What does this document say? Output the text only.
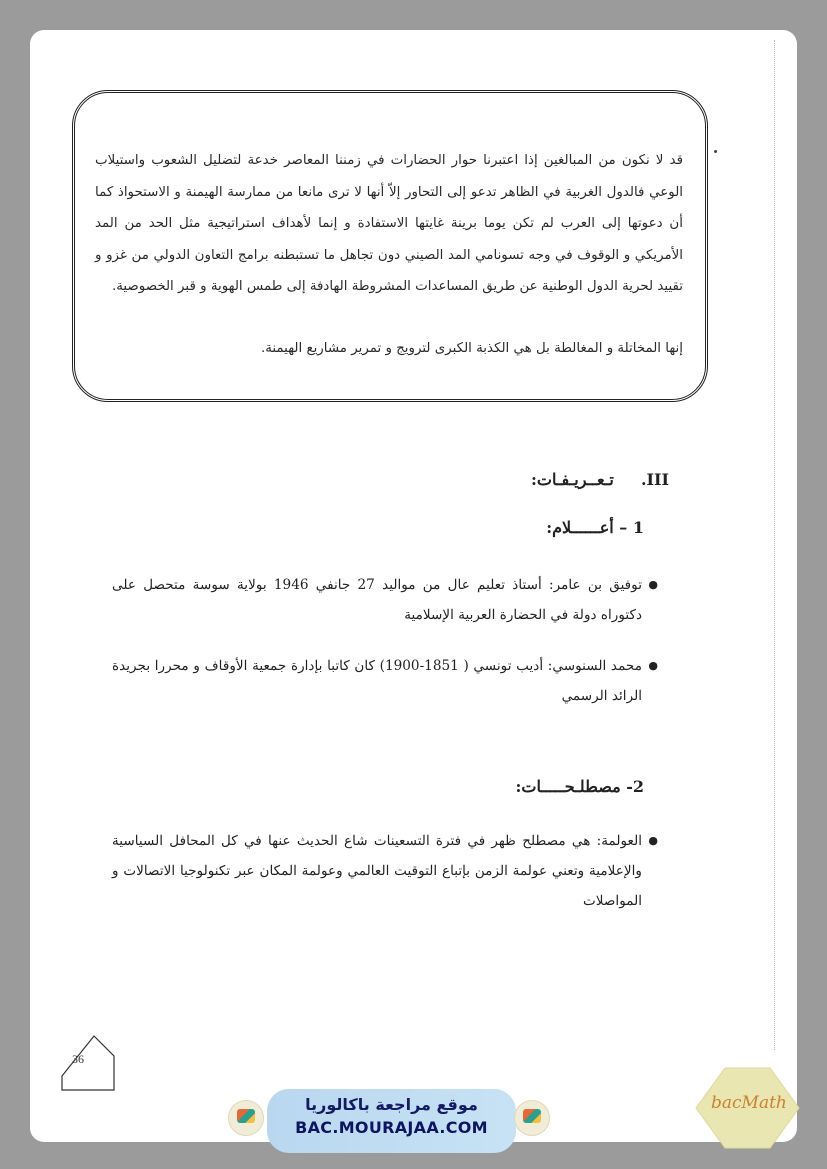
قد لا نكون من المبالغين إذا اعتبرنا حوار الحضارات في زمننا المعاصر خدعة لتضليل الشعوب واستيلاب الوعي فالدول الغربية في الظاهر تدعو إلى التحاور إلاّ أنها لا ترى مانعا من ممارسة الهيمنة و الاستحواذ كما أن دعوتها إلى العرب لم تكن يوما برينة غايتها الاستفادة و إنما لأهداف استراتيجية مثل الحد من المد الأمريكي و الوقوف في وجه تسونامي المد الصيني دون تجاهل ما تستبطنه برامج التعاون الدولي من غزو و تقييد لحرية الدول الوطنية عن طريق المساعدات المشروطة الهادفة إلى طمس الهوية و قبر الخصوصية.

إنها المخاتلة و المغالطة بل هي الكذبة الكبرى لترويج و تمرير مشاريع الهيمنة.

III.  تـعــريـفـات:
1 – أعــــــلام:
●

توفيق بن عامر: أستاذ تعليم عال من مواليد 27 جانفي 1946 بولاية سوسة متحصل على دكتوراه دولة في الحضارة العربية الإسلامية

●

محمد السنوسي: أديب تونسي ( 1851-1900) كان كاتبا بإدارة جمعية الأوقاف و محررا بجريدة الرائد الرسمي

2- مصطلـحـــــات:
●

العولمة: هي مصطلح ظهر في فترة التسعينات شاع الحديث عنها في كل المحافل السياسية والإعلامية وتعني عولمة الزمن بإتباع التوقيت العالمي وعولمة المكان عبر تكنولوجيا الاتصالات و المواصلات

36
موقع مراجعة باكالوريا
BAC.MOURAJAA.COM
bacMath
